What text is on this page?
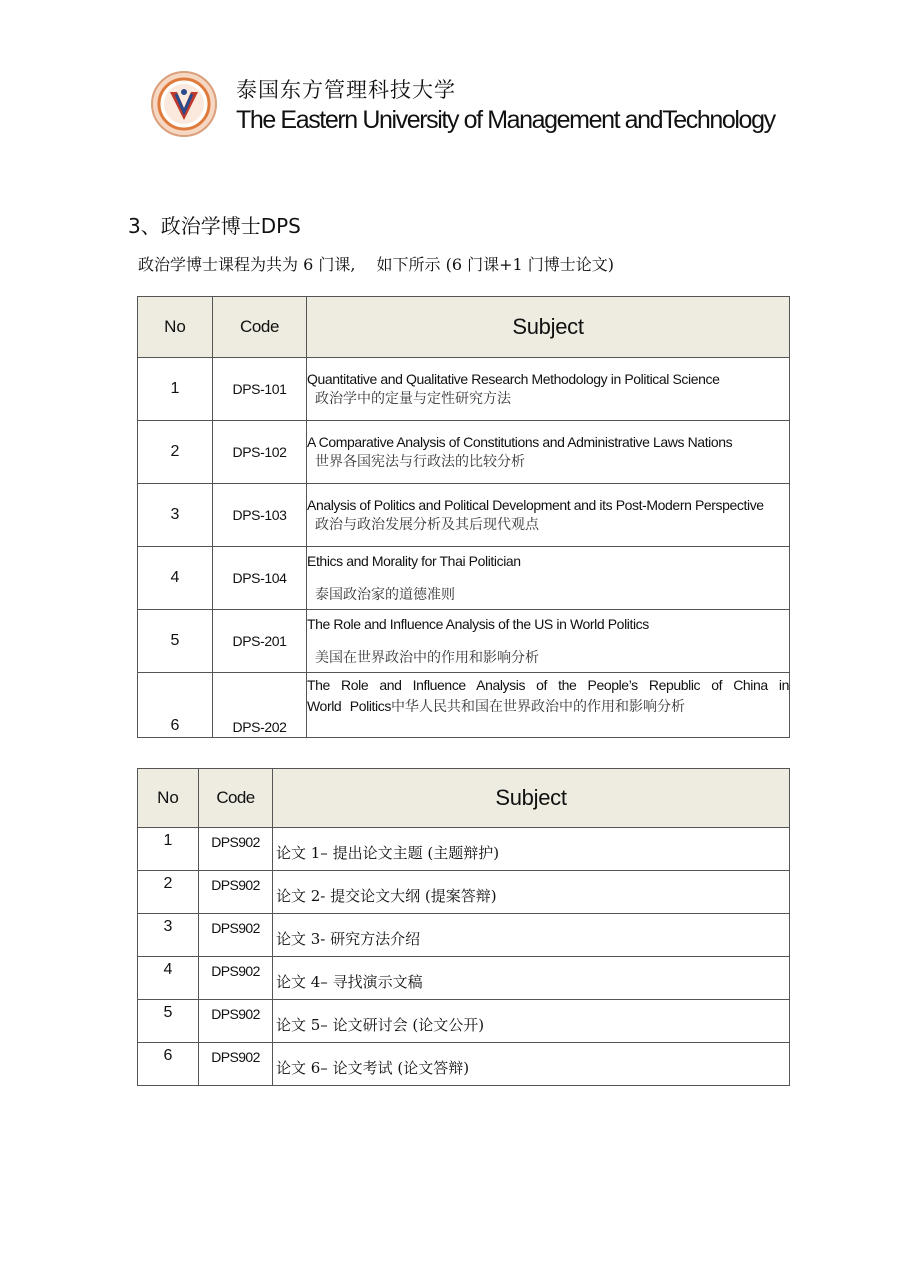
泰国东方管理科技大学
The Eastern University of Management andTechnology
3、政治学博士DPS
政治学博士课程为共为 6 门课,　 如下所示 (6 门课+1 门博士论文)
No	Code	Subject
1	DPS-101	Quantitative and Qualitative Research Methodology in Political Science
政治学中的定量与定性研究方法

2	DPS-102	A Comparative Analysis of Constitutions and Administrative Laws Nations
世界各国宪法与行政法的比较分析

3	DPS-103	Analysis of Politics and Political Development and its Post-Modern Perspective
政治与政治发展分析及其后现代观点

4	DPS-104	Ethics and Morality for Thai Politician
泰国政治家的道德准则

5	DPS-201	The Role and Influence Analysis of the US in World Politics
美国在世界政治中的作用和影响分析

6	DPS-202	The Role and Influence Analysis of the People’s Republic of China in World Politics中华人民共和国在世界政治中的作用和影响分析
No	Code	Subject
1	DPS902	论文 1– 提出论文主题 (主题辩护)
2	DPS902	论文 2- 提交论文大纲 (提案答辩)
3	DPS902	论文 3- 研究方法介绍
4	DPS902	论文 4– 寻找演示文稿
5	DPS902	论文 5– 论文研讨会 (论文公开)
6	DPS902	论文 6– 论文考试 (论文答辩)
